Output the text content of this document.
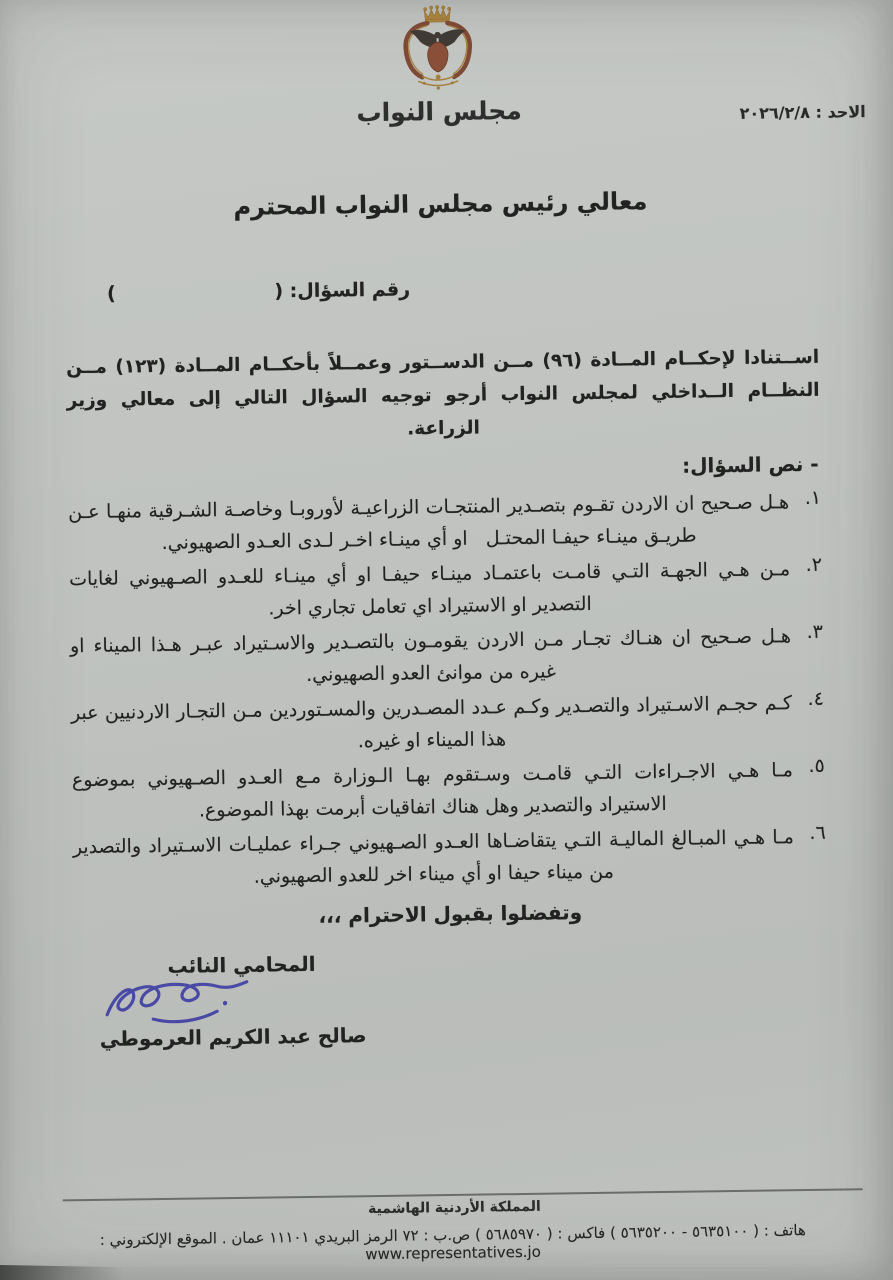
مجلس النواب	الاحد : ٢٠٢٦/٢/٨
معالي رئيس مجلس النواب المحترم
رقم السؤال: (                        )

اســتنادا لإحكــام المــادة (٩٦) مــن الدســتور وعمــلاً بأحكــام المــادة (١٢٣) مــن النظــام الــداخلي لمجلس النواب أرجو توجيه السؤال التالي إلى معالي وزير الزراعة.

- نص السؤال:
١.
هـل صـحيح ان الاردن تقـوم بتصـدير المنتجـات الزراعيـة لأوروبـا وخاصـة الشـرقية منهـا عـن طريـق مينـاء حيفـا المحتـل   او أي مينـاء اخـر لـدى العـدو الصهيوني.
٢.
مـن هـي الجهـة التـي قامـت باعتمـاد مينـاء حيفـا او أي مينـاء للعـدو الصـهيوني لغايات التصدير او الاستيراد اي تعامل تجاري اخر.
٣.
هـل صـحيح ان هنـاك تجـار مـن الاردن يقومـون بالتصـدير والاسـتيراد عبـر هـذا الميناء او غيره من موانئ العدو الصهيوني.
٤.
كـم حجـم الاسـتيراد والتصـدير وكـم عـدد المصـدرين والمسـتوردين مـن التجـار الاردنيين عبر هذا الميناء او غيره.
٥.
مـا هـي الاجـراءات التـي قامـت وسـتقوم بهـا الـوزارة مـع العـدو الصـهيوني بموضوع الاستيراد والتصدير وهل هناك اتفاقيات أبرمت بهذا الموضوع.
٦.
مـا هـي المبـالغ الماليـة التـي يتقاضـاها العـدو الصـهيوني جـراء عمليـات الاسـتيراد والتصدير من ميناء حيفا او أي ميناء اخر للعدو الصهيوني.
وتفضلوا بقبول الاحترام ،،،
المحامي النائب
صالح عبد الكريم العرموطي
المملكة الأردنية الهاشمية
هاتف : ( ٥٦٣٥١٠٠ - ٥٦٣٥٢٠٠ ) فاكس : ( ٥٦٨٥٩٧٠ ) ص.ب : ٧٢ الرمز البريدي ١١١٠١ عمان . الموقع الإلكتروني : www.representatives.jo
